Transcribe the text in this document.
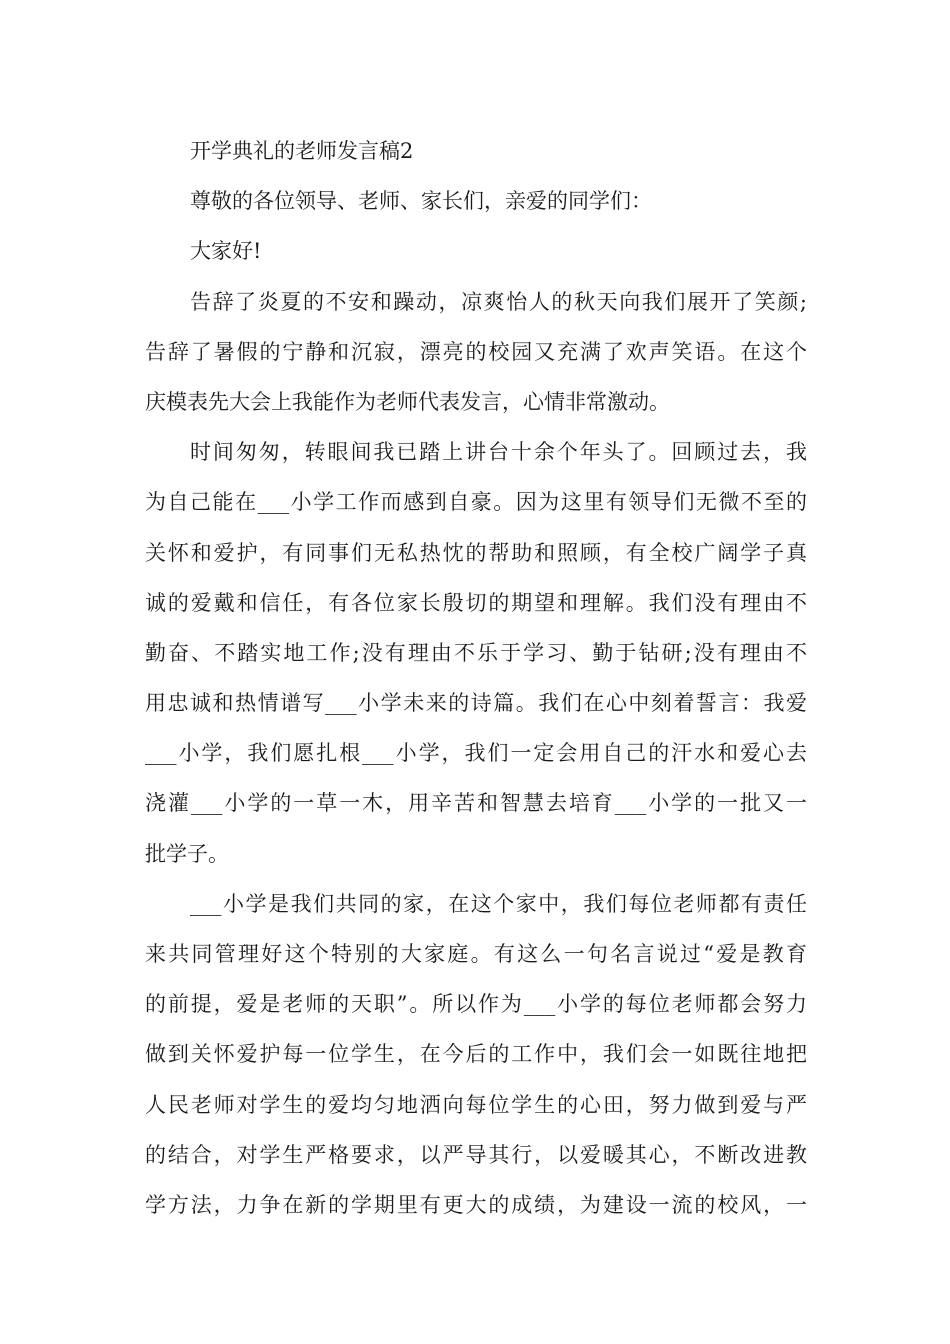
开学典礼的老师发言稿2
尊敬的各位领导、老师、家长们，亲爱的同学们：
大家好!
告辞了炎夏的不安和躁动，凉爽怡人的秋天向我们展开了笑颜;
告辞了暑假的宁静和沉寂，漂亮的校园又充满了欢声笑语。在这个
庆模表先大会上我能作为老师代表发言，心情非常激动。
时间匆匆，转眼间我已踏上讲台十余个年头了。回顾过去，我
为自己能在___小学工作而感到自豪。因为这里有领导们无微不至的
关怀和爱护，有同事们无私热忱的帮助和照顾，有全校广阔学子真
诚的爱戴和信任，有各位家长殷切的期望和理解。我们没有理由不
勤奋、不踏实地工作;没有理由不乐于学习、勤于钻研;没有理由不
用忠诚和热情谱写___小学未来的诗篇。我们在心中刻着誓言：我爱
___小学，我们愿扎根___小学，我们一定会用自己的汗水和爱心去
浇灌___小学的一草一木，用辛苦和智慧去培育___小学的一批又一
批学子。
___小学是我们共同的家，在这个家中，我们每位老师都有责任
来共同管理好这个特别的大家庭。有这么一句名言说过“爱是教育
的前提，爱是老师的天职”。所以作为___小学的每位老师都会努力
做到关怀爱护每一位学生，在今后的工作中，我们会一如既往地把
人民老师对学生的爱均匀地洒向每位学生的心田，努力做到爱与严
的结合，对学生严格要求，以严导其行，以爱暖其心，不断改进教
学方法，力争在新的学期里有更大的成绩，为建设一流的校风，一
